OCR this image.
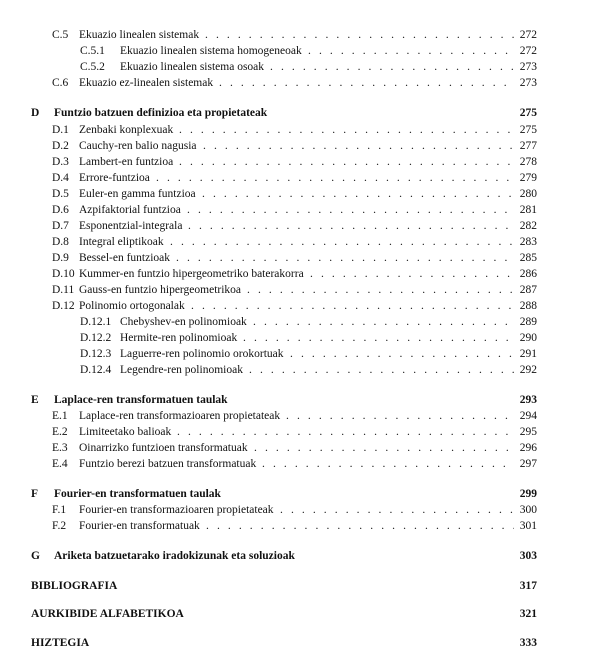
C.5 Ekuazio linealen sistemak . . .	272
C.5.1 Ekuazio linealen sistema homogeneoak . . .	272
C.5.2 Ekuazio linealen sistema osoak . . .	273
C.6 Ekuazio ez-linealen sistemak . . .	273
D Funtzio batzuen definizioa eta propietateak	275
D.1 Zenbaki konplexuak . . .	275
D.2 Cauchy-ren balio nagusia . . .	277
D.3 Lambert-en funtzioa . . .	278
D.4 Errore-funtzioa . . .	279
D.5 Euler-en gamma funtzioa . . .	280
D.6 Azpifaktorial funtzioa . . .	281
D.7 Esponentzial-integrala . . .	282
D.8 Integral eliptikoak . . .	283
D.9 Bessel-en funtzioak . . .	285
D.10 Kummer-en funtzio hipergeometriko baterakorra . . .	286
D.11 Gauss-en funtzio hipergeometrikoa . . .	287
D.12 Polinomio ortogonalak . . .	288
D.12.1 Chebyshev-en polinomioak . . .	289
D.12.2 Hermite-ren polinomioak . . .	290
D.12.3 Laguerre-ren polinomio orokortuak . . .	291
D.12.4 Legendre-ren polinomioak . . .	292
E Laplace-ren transformatuen taulak	293
E.1 Laplace-ren transformazioaren propietateak . . .	294
E.2 Limiteetako balioak . . .	295
E.3 Oinarrizko funtzioen transformatuak . . .	296
E.4 Funtzio berezi batzuen transformatuak . . .	297
F Fourier-en transformatuen taulak	299
F.1 Fourier-en transformazioaren propietateak . . .	300
F.2 Fourier-en transformatuak . . .	301
G Ariketa batzuetarako iradokizunak eta soluzioak	303
BIBLIOGRAFIA	317
AURKIBIDE ALFABETIKOA	321
HIZTEGIA	333
